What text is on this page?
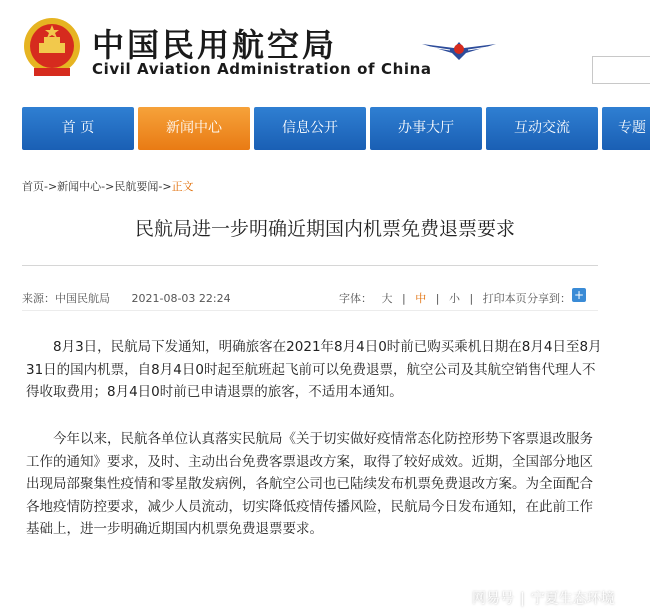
中国民用航空局
Civil Aviation Administration of China
首 页	新闻中心	信息公开	办事大厅	互动交流	专题
首页->新闻中心->民航要闻->正文
民航局进一步明确近期国内机票免费退票要求
来源：中国民航局 2021-08-03 22:24	字体： 大 | 中 | 小 | 打印本页 分享到： +
8月3日，民航局下发通知，明确旅客在2021年8月4日0时前已购买乘机日期在8月4日至8月31日的国内机票，自8月4日0时起至航班起飞前可以免费退票，航空公司及其航空销售代理人不得收取费用；8月4日0时前已申请退票的旅客，不适用本通知。
今年以来，民航各单位认真落实民航局《关于切实做好疫情常态化防控形势下客票退改服务工作的通知》要求，及时、主动出台免费客票退改方案，取得了较好成效。近期，全国部分地区出现局部聚集性疫情和零星散发病例，各航空公司也已陆续发布机票免费退改方案。为全面配合各地疫情防控要求，减少人员流动，切实降低疫情传播风险，民航局今日发布通知，在此前工作基础上，进一步明确近期国内机票免费退票要求。
网易号 | 宁夏生态环境
